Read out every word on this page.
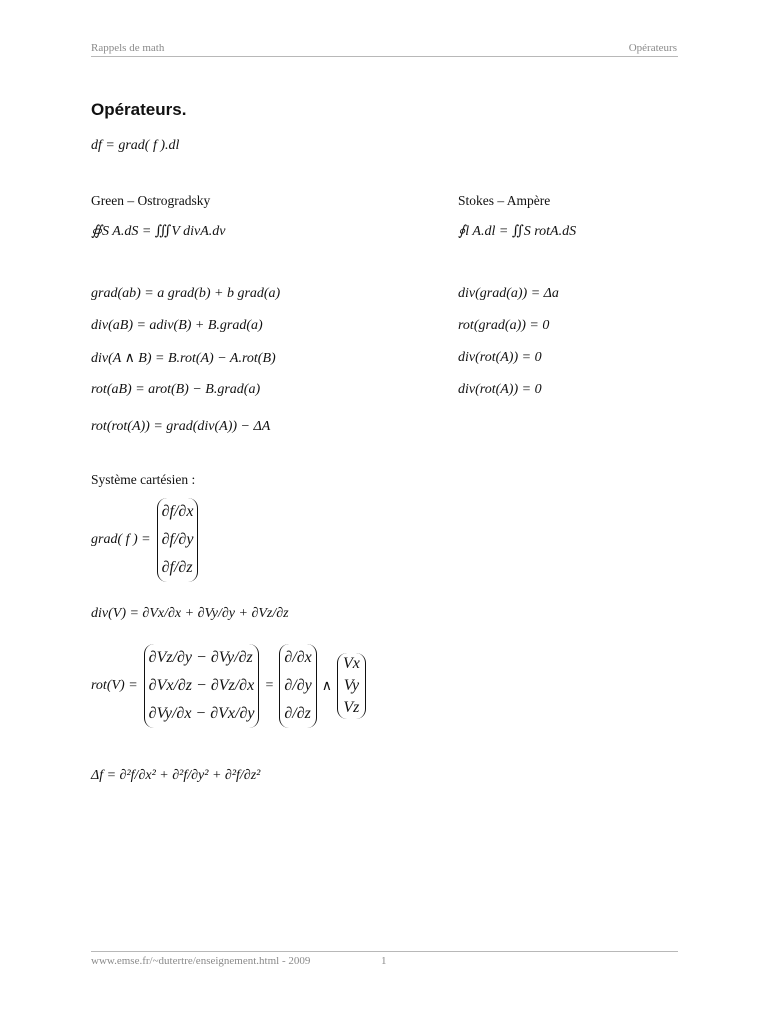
Rappels de math	Opérateurs
Opérateurs.
df = grad( f ).dl
Green – Ostrogradsky	Stokes – Ampère
∯S A.dS = ∭V divA.dv	∮l A.dl = ∬S rotA.dS
grad(ab) = a grad(b) + b grad(a)
div(aB) = adiv(B) + B.grad(a)
div(A ∧ B) = B.rot(A) − A.rot(B)
rot(aB) = arot(B) − B.grad(a)
rot(rot(A)) = grad(div(A)) − ΔA
div(grad(a)) = Δa
rot(grad(a)) = 0
div(rot(A)) = 0
div(rot(A)) = 0
Système cartésien :
grad( f ) =
∂f/∂x
∂f/∂y
∂f/∂z
div(V) = ∂Vx/∂x + ∂Vy/∂y + ∂Vz/∂z
rot(V) =
∂Vz/∂y − ∂Vy/∂z
∂Vx/∂z − ∂Vz/∂x
∂Vy/∂x − ∂Vx/∂y
=
∂/∂x
∂/∂y
∂/∂z
∧
Vx
Vy
Vz
Δf = ∂²f/∂x² + ∂²f/∂y² + ∂²f/∂z²
www.emse.fr/~dutertre/enseignement.html - 2009	1
